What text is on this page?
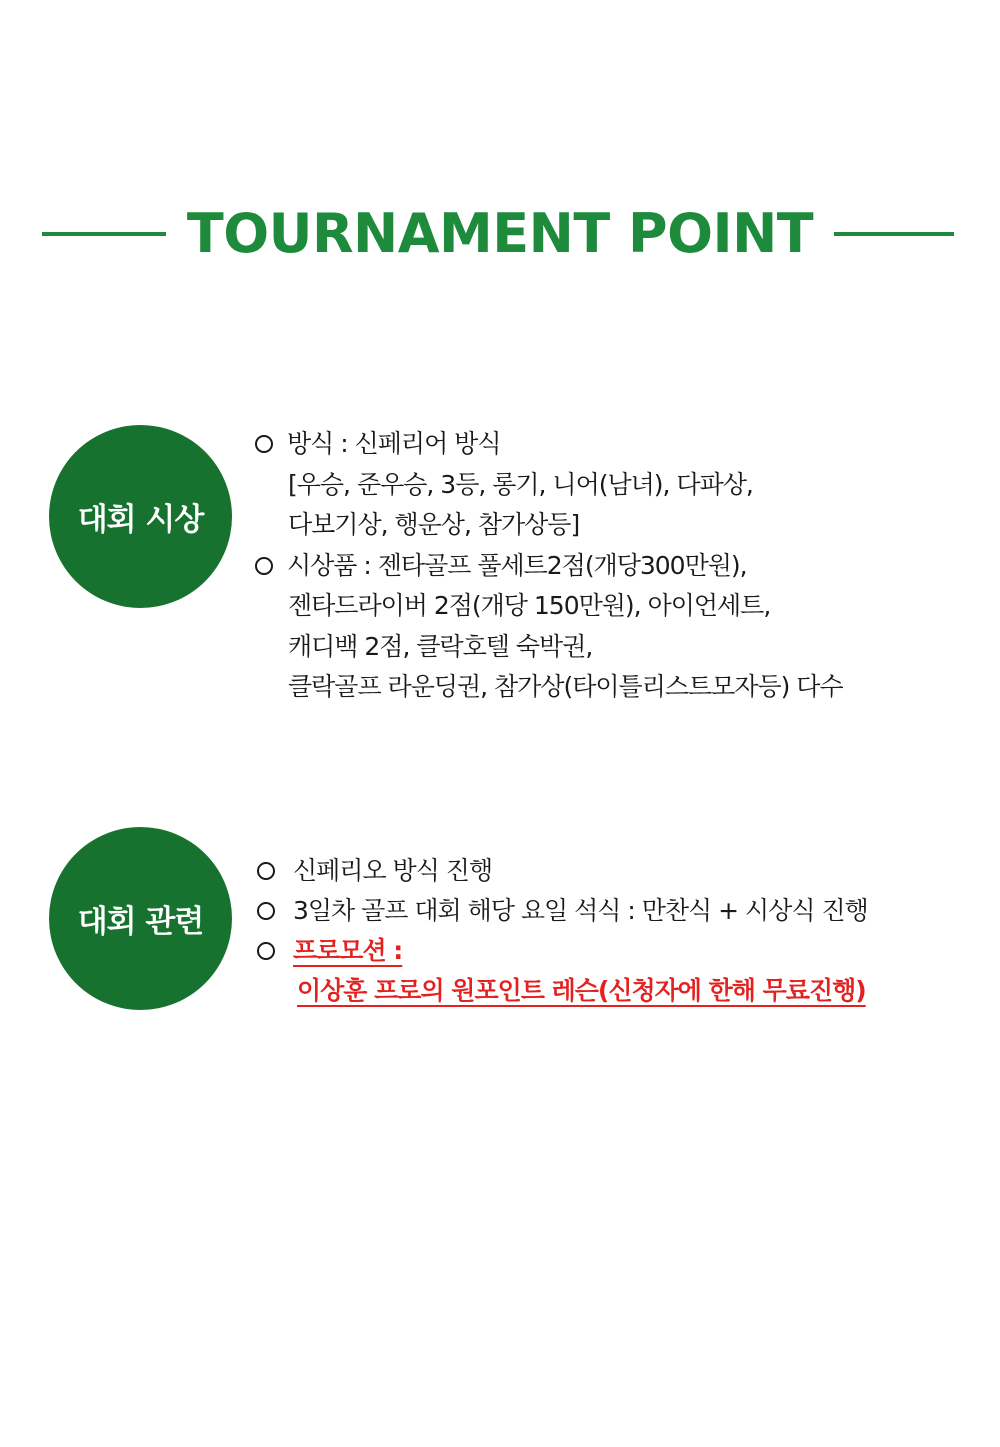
TOURNAMENT POINT
대회 시상
방식 : 신페리어 방식
[우승, 준우승, 3등, 롱기, 니어(남녀), 다파상,
다보기상, 행운상, 참가상등]
시상품 : 젠타골프 풀세트2점(개당300만원),
젠타드라이버 2점(개당 150만원), 아이언세트,
캐디백 2점, 클락호텔 숙박권,
클락골프 라운딩권, 참가상(타이틀리스트모자등) 다수
대회 관련
신페리오 방식 진행
3일차 골프 대회 해당 요일 석식 : 만찬식 + 시상식 진행
프로모션 :
이상훈 프로의 원포인트 레슨(신청자에 한해 무료진행)
